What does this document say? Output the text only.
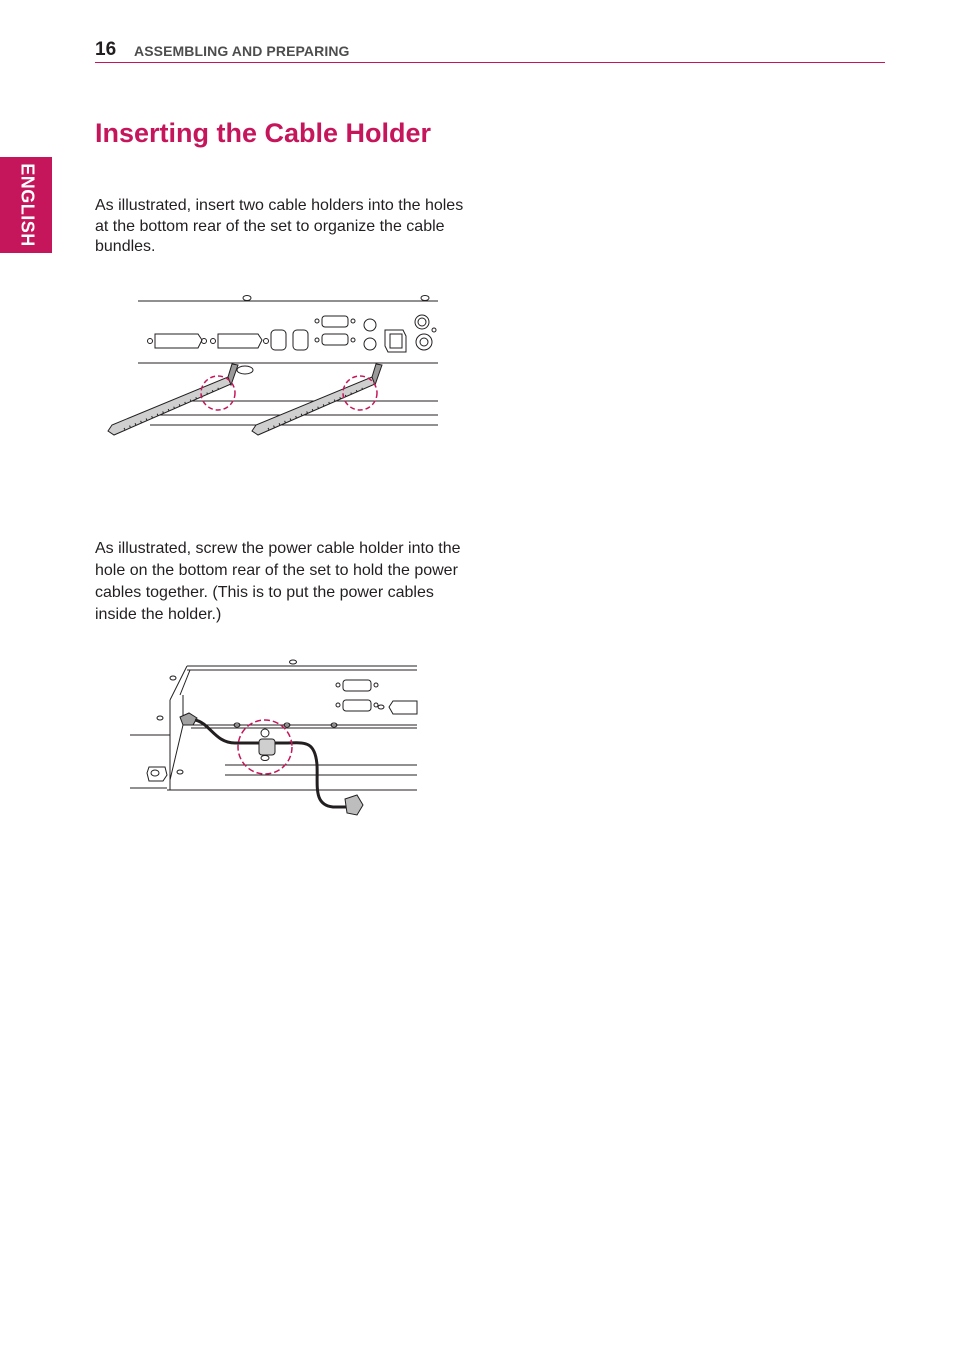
16 ASSEMBLING AND PREPARING
ENGLISH
Inserting the Cable Holder

As illustrated, insert two cable holders into the holes at the bottom rear of the set to organize the cable bundles.

As illustrated, screw the power cable holder into the hole on the bottom rear of the set to hold the power cables together. (This is to put the power cables inside the holder.)
